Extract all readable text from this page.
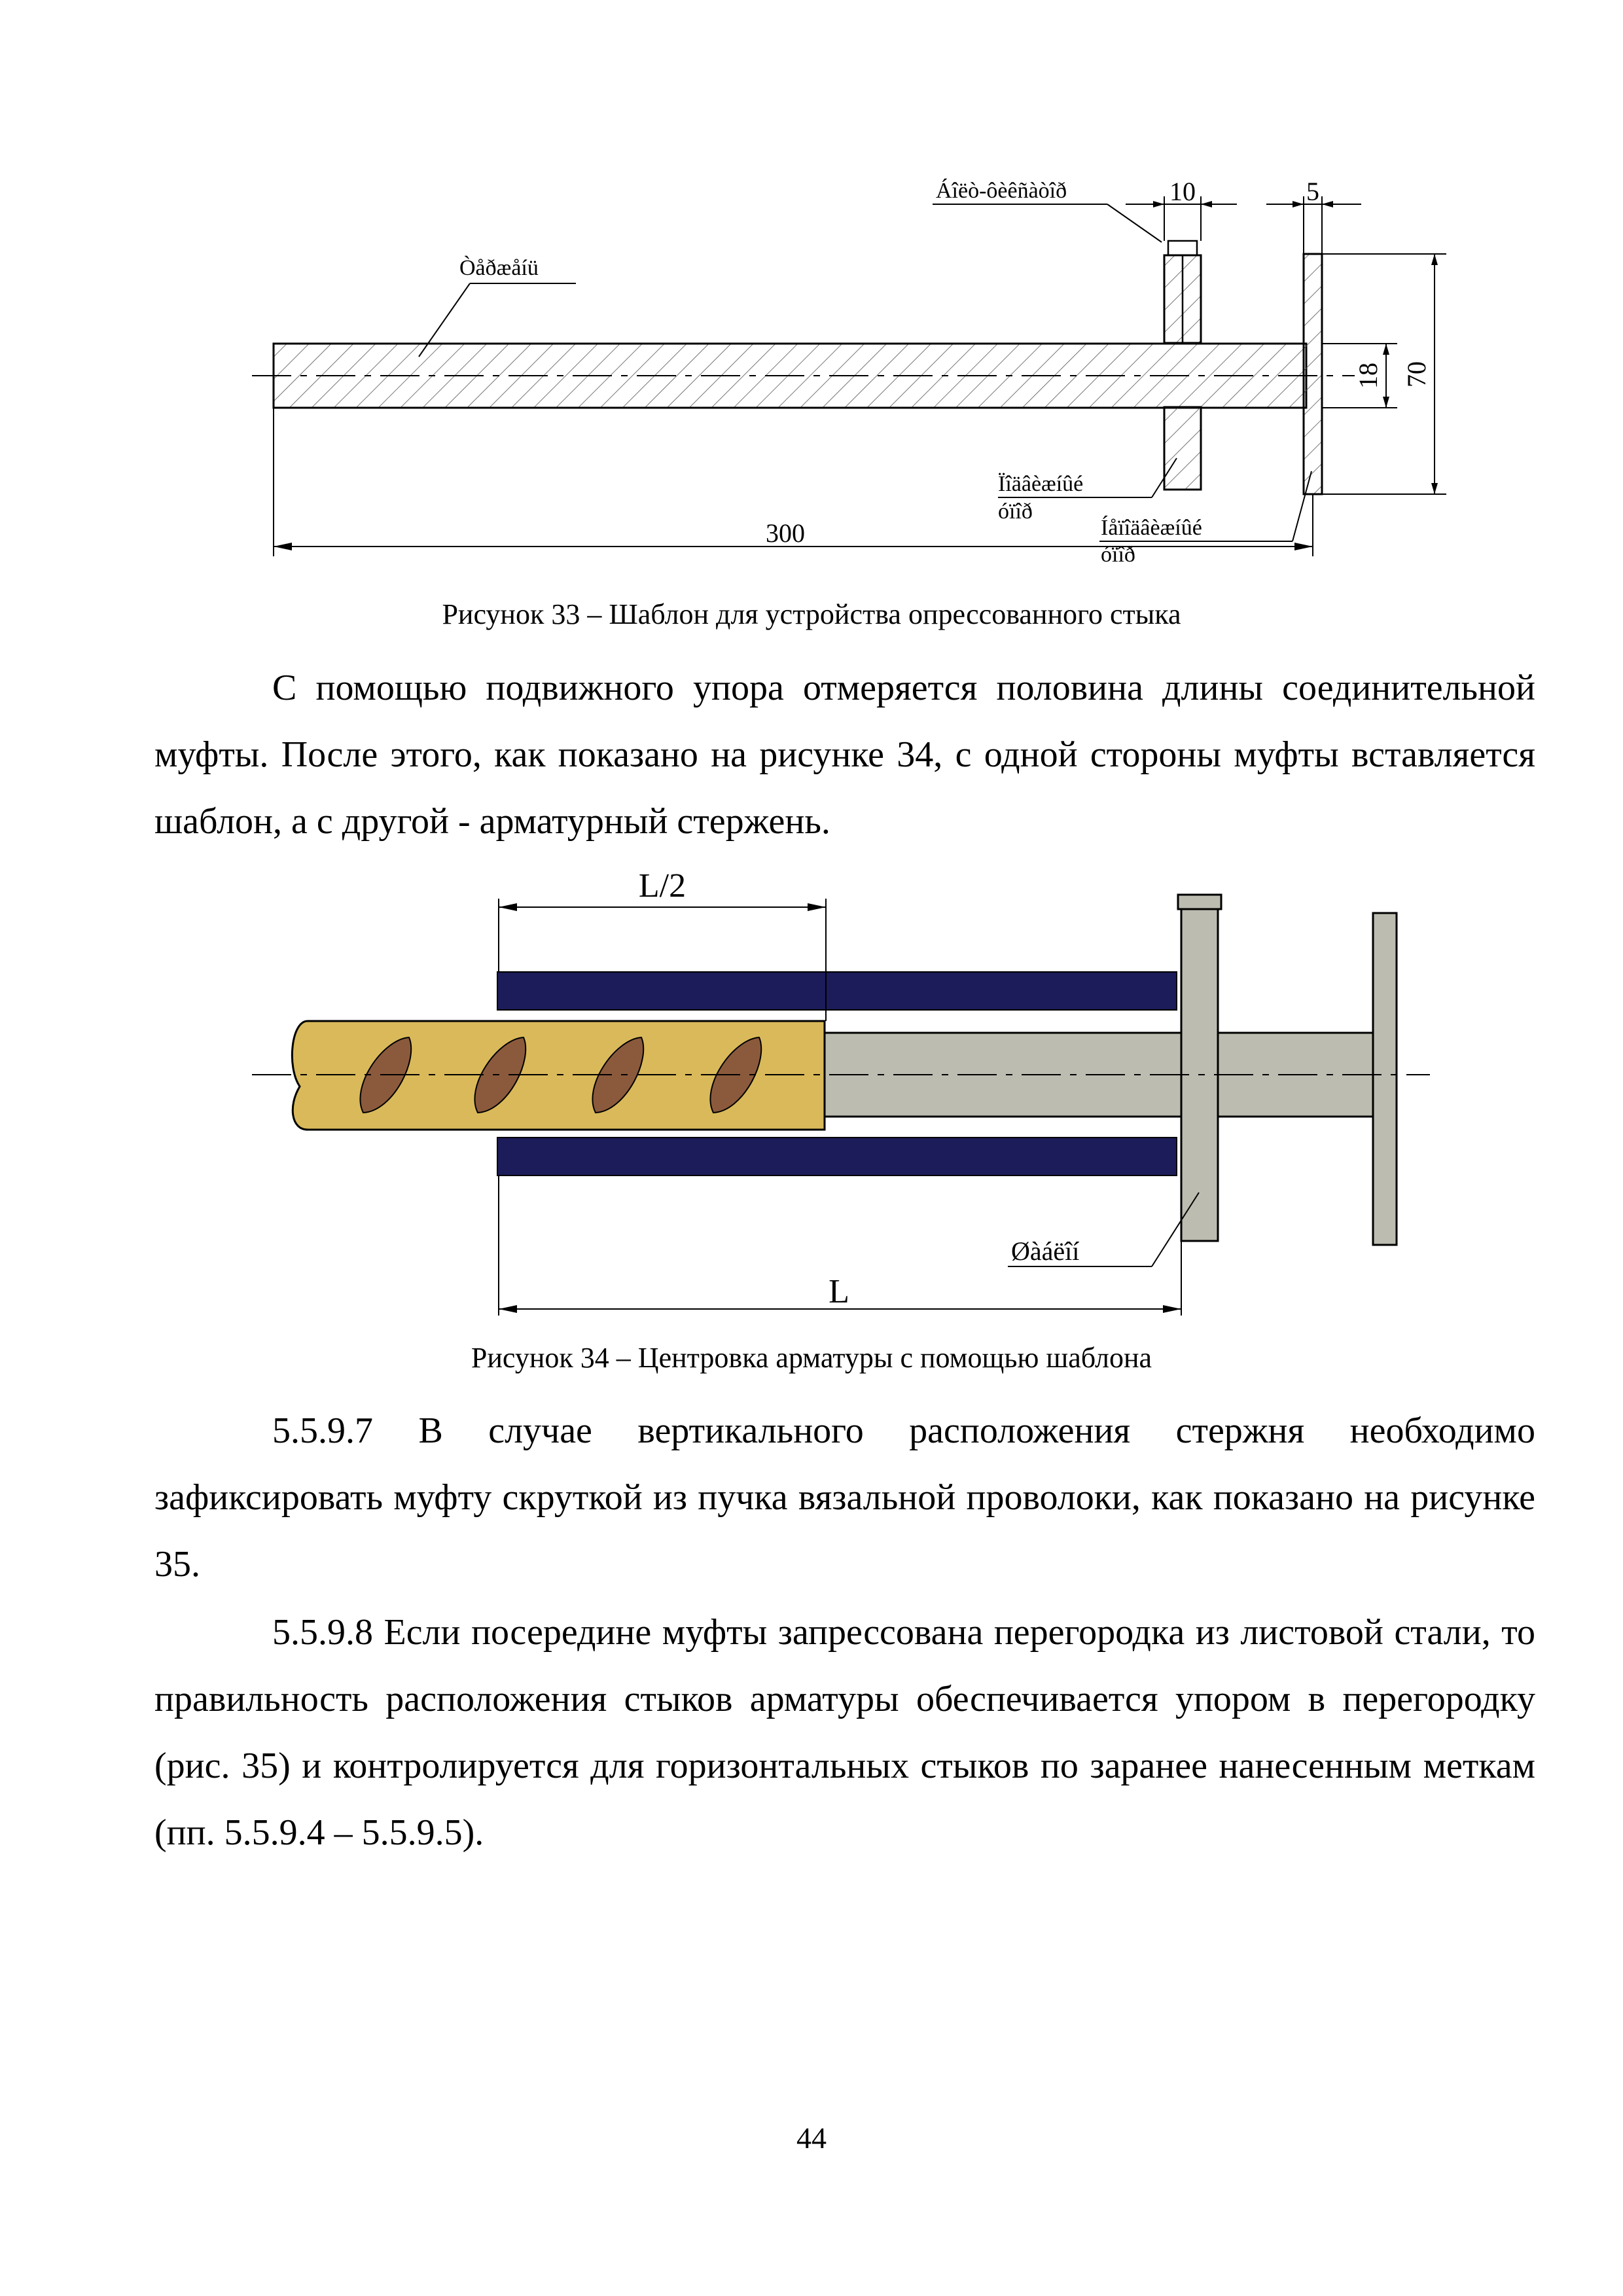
10	5
18 70
300
Òåðæåíü
Áîëò-ôèêñàòîð
Ïîäâèæíûé
óïîð
Íåïîäâèæíûé
óïîð
Рисунок 33 – Шаблон для устройства опрессованного стыка

С помощью подвижного упора отмеряется половина длины соединительной муфты. После этого, как показано на рисунке 34, с одной стороны муфты вставляется шаблон, а с другой - арматурный стержень.

L/2
L
Øàáëîí
Рисунок 34 – Центровка арматуры с помощью шаблона

5.5.9.7 В случае вертикального расположения стержня необходимо зафиксировать муфту скруткой из пучка вязальной проволоки, как показано на рисунке 35.

5.5.9.8 Если посередине муфты запрессована перегородка из листовой стали, то правильность расположения стыков арматуры обеспечивается упором в перегородку (рис. 35) и контролируется для горизонтальных стыков по заранее нанесенным меткам (пп. 5.5.9.4 – 5.5.9.5).

44
